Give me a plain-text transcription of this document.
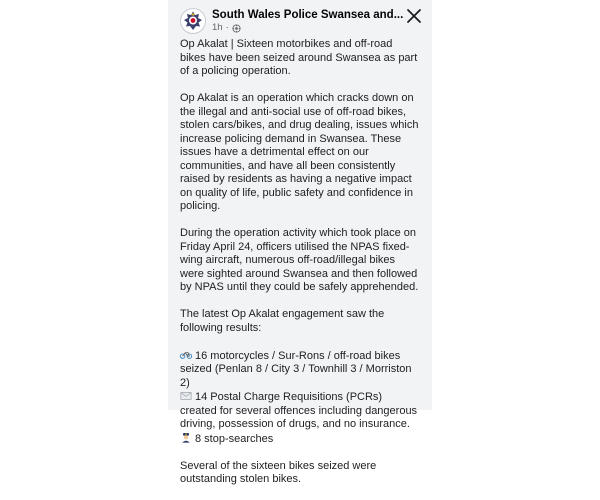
South Wales Police Swansea and...
1h ·

Op Akalat | Sixteen motorbikes and off-road bikes have been seized around Swansea as part of a policing operation.

Op Akalat is an operation which cracks down on the illegal and anti-social use of off-road bikes, stolen cars/bikes, and drug dealing, issues which increase policing demand in Swansea. These issues have a detrimental effect on our communities, and have all been consistently raised by residents as having a negative impact on quality of life, public safety and confidence in policing.

During the operation activity which took place on Friday April 24, officers utilised the NPAS fixed-wing aircraft, numerous off-road/illegal bikes were sighted around Swansea and then followed by NPAS until they could be safely apprehended.

The latest Op Akalat engagement saw the following results:

16 motorcycles / Sur-Rons / off-road bikes seized (Penlan 8 / City 3 / Townhill 3 / Morriston 2)

14 Postal Charge Requisitions (PCRs) created for several offences including dangerous driving, possession of drugs, and no insurance.

8 stop-searches

Several of the sixteen bikes seized were outstanding stolen bikes.
